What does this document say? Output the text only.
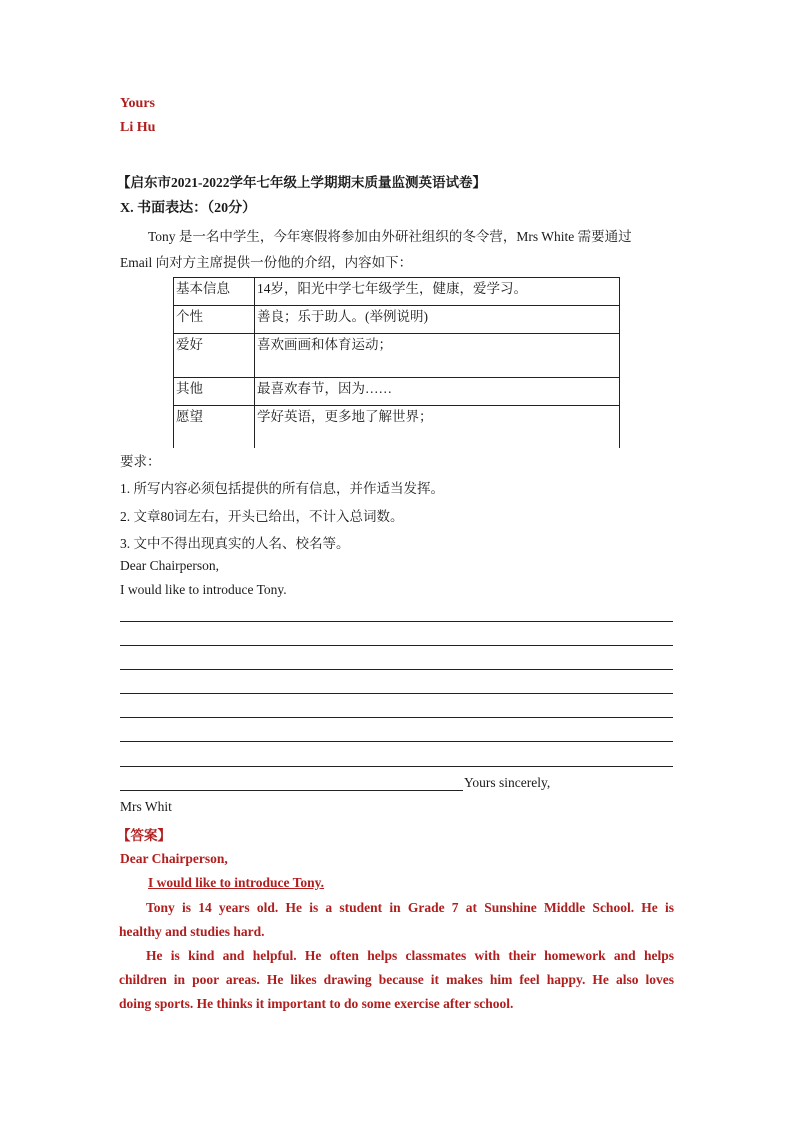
Yours
Li Hu
【启东市2021-2022学年七年级上学期期末质量监测英语试卷】
X. 书面表达：（20分）
Tony 是一名中学生，今年寒假将参加由外研社组织的冬令营，Mrs White 需要通过
Email 向对方主席提供一份他的介绍，内容如下：
基本信息	14岁，阳光中学七年级学生，健康，爱学习。
个性	善良；乐于助人。(举例说明)
爱好	喜欢画画和体育运动；
其他	最喜欢春节，因为……
愿望	学好英语，更多地了解世界；
要求：
1. 所写内容必须包括提供的所有信息，并作适当发挥。
2. 文章80词左右，开头已给出，不计入总词数。
3. 文中不得出现真实的人名、校名等。
Dear Chairperson,
I would like to introduce Tony.
Yours sincerely,
Mrs Whit
【答案】
Dear Chairperson,
I would like to introduce Tony.
Tony is 14 years old. He is a student in Grade 7 at Sunshine Middle School. He is
healthy and studies hard.
He is kind and helpful. He often helps classmates with their homework and helps
children in poor areas. He likes drawing because it makes him feel happy. He also loves
doing sports. He thinks it important to do some exercise after school.
